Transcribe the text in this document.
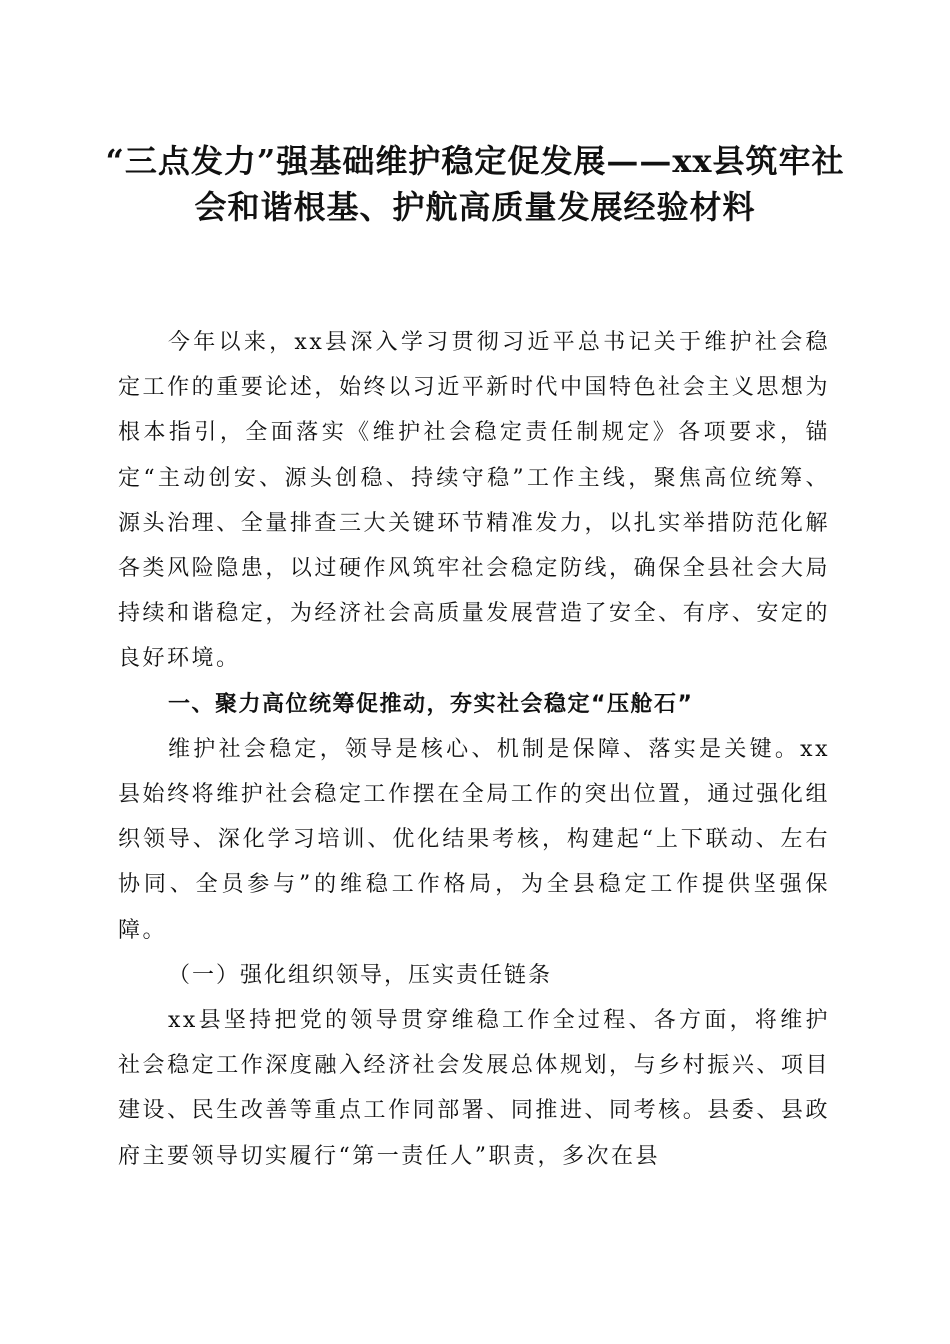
“三点发力”强基础维护稳定促发展——xx县筑牢社会和谐根基、护航高质量发展经验材料

今年以来，xx县深入学习贯彻习近平总书记关于维护社会稳定工作的重要论述，始终以习近平新时代中国特色社会主义思想为根本指引，全面落实《维护社会稳定责任制规定》各项要求，锚定“主动创安、源头创稳、持续守稳”工作主线，聚焦高位统筹、源头治理、全量排查三大关键环节精准发力，以扎实举措防范化解各类风险隐患，以过硬作风筑牢社会稳定防线，确保全县社会大局持续和谐稳定，为经济社会高质量发展营造了安全、有序、安定的良好环境。

一、聚力高位统筹促推动，夯实社会稳定“压舱石”

维护社会稳定，领导是核心、机制是保障、落实是关键。xx县始终将维护社会稳定工作摆在全局工作的突出位置，通过强化组织领导、深化学习培训、优化结果考核，构建起“上下联动、左右协同、全员参与”的维稳工作格局，为全县稳定工作提供坚强保障。

（一）强化组织领导，压实责任链条

xx县坚持把党的领导贯穿维稳工作全过程、各方面，将维护社会稳定工作深度融入经济社会发展总体规划，与乡村振兴、项目建设、民生改善等重点工作同部署、同推进、同考核。县委、县政府主要领导切实履行“第一责任人”职责，多次在县
